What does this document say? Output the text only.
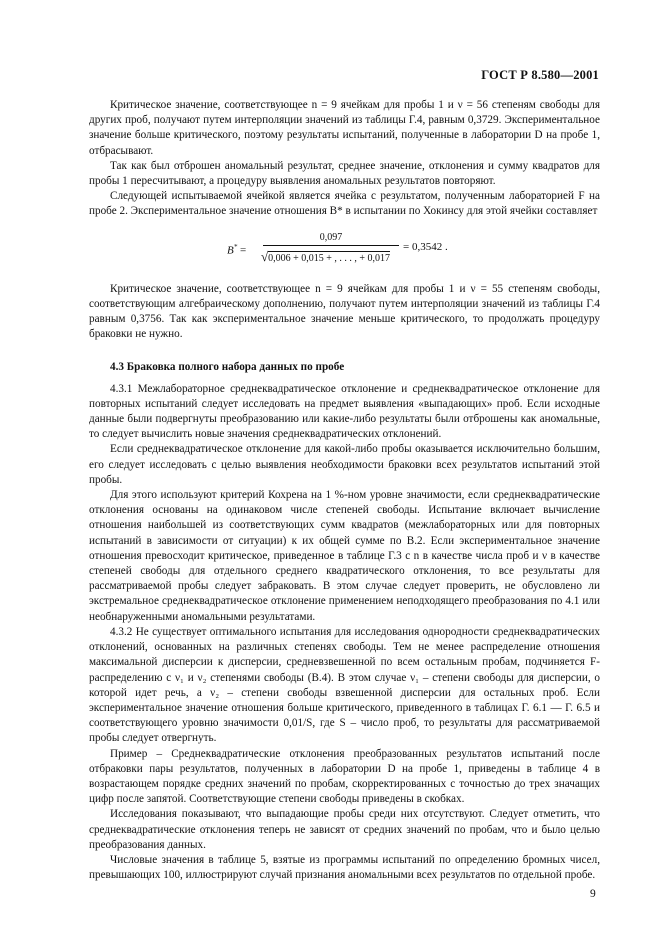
ГОСТ Р 8.580—2001

Критическое значение, соответствующее n = 9 ячейкам для пробы 1 и ν = 56 степеням свободы для других проб, получают путем интерполяции значений из таблицы Г.4, равным 0,3729. Экспериментальное значение больше критического, поэтому результаты испытаний, полученные в лаборатории D на пробе 1, отбрасывают.

Так как был отброшен аномальный результат, среднее значение, отклонения и сумму квадратов для пробы 1 пересчитывают, а процедуру выявления аномальных результатов повторяют.

Следующей испытываемой ячейкой является ячейка с результатом, полученным лабораторией F на пробе 2. Экспериментальное значение отношения B* в испытании по Хокинсу для этой ячейки составляет

B* =
0,097
√0,006 + 0,015 + , . . . , + 0,017
= 0,3542 .

Критическое значение, соответствующее n = 9 ячейкам для пробы 1 и ν = 55 степеням свободы, соответствующим алгебраическому дополнению, получают путем интерполяции значений из таблицы Г.4 равным 0,3756. Так как экспериментальное значение меньше критического, то продолжать процедуру браковки не нужно.

4.3 Браковка полного набора данных по пробе

4.3.1 Межлабораторное среднеквадратическое отклонение и среднеквадратическое отклонение для повторных испытаний следует исследовать на предмет выявления «выпадающих» проб. Если исходные данные были подвергнуты преобразованию или какие-либо результаты были отброшены как аномальные, то следует вычислить новые значения среднеквадратических отклонений.

Если среднеквадратическое отклонение для какой-либо пробы оказывается исключительно большим, его следует исследовать с целью выявления необходимости браковки всех результатов испытаний этой пробы.

Для этого используют критерий Кохрена на 1 %-ном уровне значимости, если среднеквадратические отклонения основаны на одинаковом числе степеней свободы. Испытание включает вычисление отношения наибольшей из соответствующих сумм квадратов (межлабораторных или для повторных испытаний в зависимости от ситуации) к их общей сумме по В.2. Если экспериментальное значение отношения превосходит критическое, приведенное в таблице Г.3 с n в качестве числа проб и ν в качестве степеней свободы для отдельного среднего квадратического отклонения, то все результаты для рассматриваемой пробы следует забраковать. В этом случае следует проверить, не обусловлено ли экстремальное среднеквадратическое отклонение применением неподходящего преобразования по 4.1 или необнаруженными аномальными результатами.

4.3.2 Не существует оптимального испытания для исследования однородности среднеквадратических отклонений, основанных на различных степенях свободы. Тем не менее распределение отношения максимальной дисперсии к дисперсии, средневзвешенной по всем остальным пробам, подчиняется F-распределению с ν₁ и ν₂ степенями свободы (В.4). В этом случае ν₁ – степени свободы для дисперсии, о которой идет речь, а ν₂ – степени свободы взвешенной дисперсии для остальных проб. Если экспериментальное значение отношения больше критического, приведенного в таблицах Г. 6.1 — Г. 6.5 и соответствующего уровню значимости 0,01/S, где S – число проб, то результаты для рассматриваемой пробы следует отвергнуть.

Пример – Среднеквадратические отклонения преобразованных результатов испытаний после отбраковки пары результатов, полученных в лаборатории D на пробе 1, приведены в таблице 4 в возрастающем порядке средних значений по пробам, скорректированных с точностью до трех значащих цифр после запятой. Соответствующие степени свободы приведены в скобках.

Исследования показывают, что выпадающие пробы среди них отсутствуют. Следует отметить, что среднеквадратические отклонения теперь не зависят от средних значений по пробам, что и было целью преобразования данных.

Числовые значения в таблице 5, взятые из программы испытаний по определению бромных чисел, превышающих 100, иллюстрируют случай признания аномальными всех результатов по отдельной пробе.

9
